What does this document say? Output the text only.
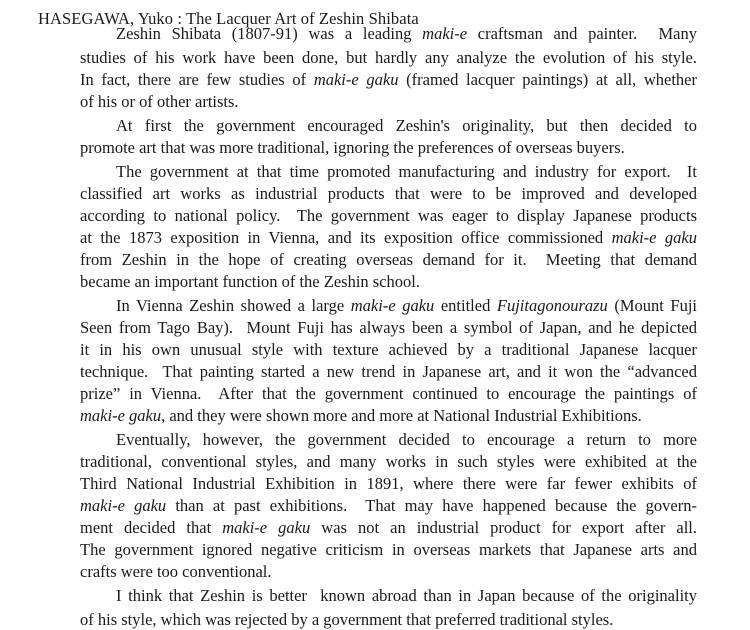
HASEGAWA, Yuko : The Lacquer Art of Zeshin Shibata
Zeshin Shibata (1807-91) was a leading maki-e craftsman and painter.  Many
studies of his work have been done, but hardly any analyze the evolution of his style.
In fact, there are few studies of maki-e gaku (framed lacquer paintings) at all, whether
of his or of other artists.
At first the government encouraged Zeshin's originality, but then decided to
promote art that was more traditional, ignoring the preferences of overseas buyers.
The government at that time promoted manufacturing and industry for export.  It
classified art works as industrial products that were to be improved and developed
according to national policy.  The government was eager to display Japanese products
at the 1873 exposition in Vienna, and its exposition office commissioned maki-e gaku
from Zeshin in the hope of creating overseas demand for it.  Meeting that demand
became an important function of the Zeshin school.
In Vienna Zeshin showed a large maki-e gaku entitled Fujitagonourazu (Mount Fuji
Seen from Tago Bay).  Mount Fuji has always been a symbol of Japan, and he depicted
it in his own unusual style with texture achieved by a traditional Japanese lacquer
technique.  That painting started a new trend in Japanese art, and it won the “advanced
prize” in Vienna.  After that the government continued to encourage the paintings of
maki-e gaku, and they were shown more and more at National Industrial Exhibitions.
Eventually, however, the government decided to encourage a return to more
traditional, conventional styles, and many works in such styles were exhibited at the
Third National Industrial Exhibition in 1891, where there were far fewer exhibits of
maki-e gaku than at past exhibitions.  That may have happened because the govern-
ment decided that maki-e gaku was not an industrial product for export after all.
The government ignored negative criticism in overseas markets that Japanese arts and
crafts were too conventional.
I think that Zeshin is better  known abroad than in Japan because of the originality
of his style, which was rejected by a government that preferred traditional styles.
